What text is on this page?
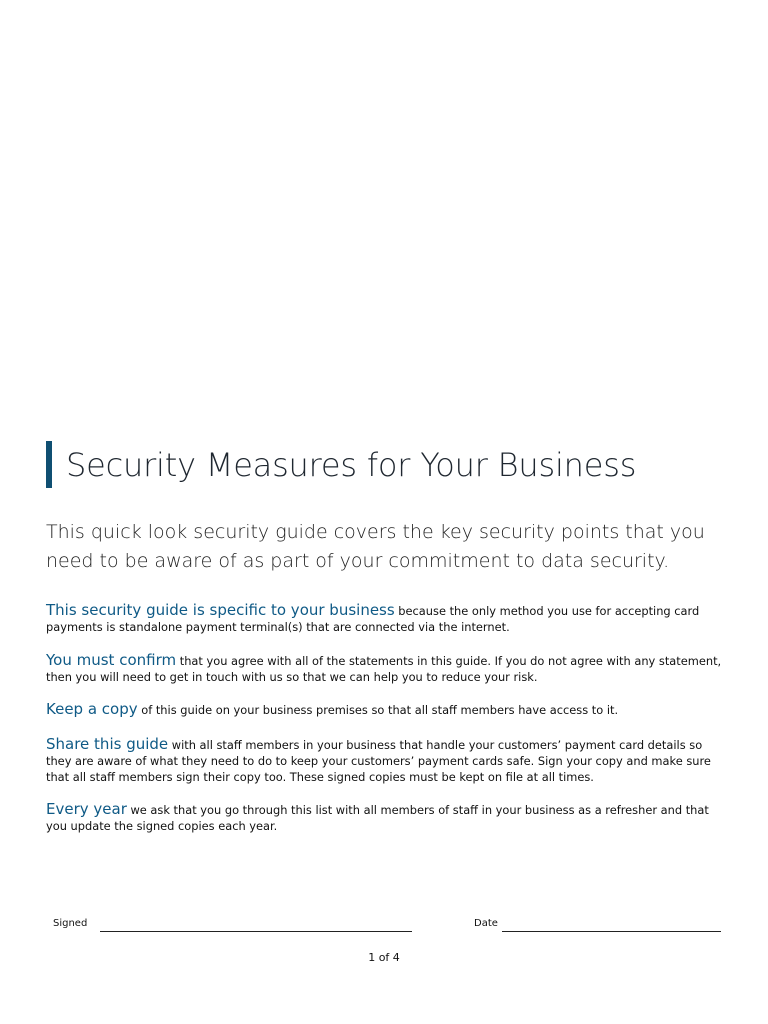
Security Measures for Your Business
This quick look security guide covers the key security points that you need to be aware of as part of your commitment to data security.
This security guide is specific to your business because the only method you use for accepting card payments is standalone payment terminal(s) that are connected via the internet.
You must confirm that you agree with all of the statements in this guide. If you do not agree with any statement, then you will need to get in touch with us so that we can help you to reduce your risk.
Keep a copy of this guide on your business premises so that all staff members have access to it.
Share this guide with all staff members in your business that handle your customers’ payment card details so they are aware of what they need to do to keep your customers’ payment cards safe. Sign your copy and make sure that all staff members sign their copy too. These signed copies must be kept on file at all times.
Every year we ask that you go through this list with all members of staff in your business as a refresher and that you update the signed copies each year.
Signed	Date
1 of 4
